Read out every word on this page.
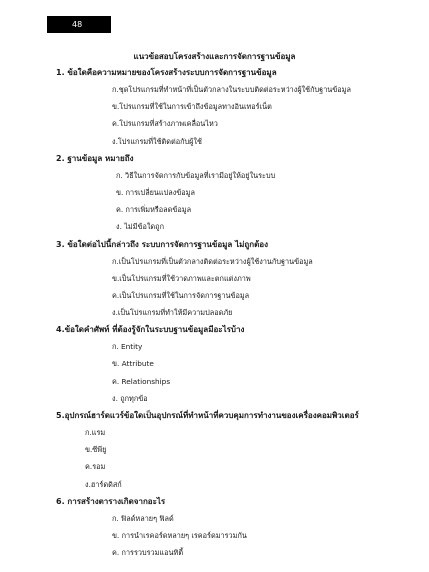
48
แนวข้อสอบโครงสร้างและการจัดการฐานข้อมูล
1. ข้อใดคือความหมายของโครงสร้างระบบการจัดการฐานข้อมูล
ก.ชุดโปรแกรมที่ทำหน้าที่เป็นตัวกลางในระบบติดต่อระหว่างผู้ใช้กับฐานข้อมูล
ข.โปรแกรมที่ใช้ในการเข้าถึงข้อมูลทางอินเทอร์เน็ต
ค.โปรแกรมที่สร้างภาพเคลื่อนไหว
ง.โปรแกรมที่ใช้ติดต่อกับผู้ใช้
2. ฐานข้อมูล หมายถึง
ก. วิธีในการจัดการกับข้อมูลที่เรามีอยู่ให้อยู่ในระบบ
ข. การเปลี่ยนแปลงข้อมูล
ค. การเพิ่มหรือลดข้อมูล
ง. ไม่มีข้อใดถูก
3. ข้อใดต่อไปนี้กล่าวถึง ระบบการจัดการฐานข้อมูล ไม่ถูกต้อง
ก.เป็นโปรแกรมที่เป็นตัวกลางติดต่อระหว่างผู้ใช้งานกับฐานข้อมูล
ข.เป็นโปรแกรมที่ใช้วาดภาพและตกแต่งภาพ
ค.เป็นโปรแกรมที่ใช้ในการจัดการฐานข้อมูล
ง.เป็นโปรแกรมที่ทำให้มีความปลอดภัย
4.ข้อใดคำศัพท์ ที่ต้องรู้จักในระบบฐานข้อมูลมีอะไรบ้าง
ก. Entity
ข. Attribute
ค. Relationships
ง. ถูกทุกข้อ
5.อุปกรณ์ฮาร์ดแวร์ข้อใดเป็นอุปกรณ์ที่ทำหน้าที่ควบคุมการทำงานของเครื่องคอมพิวเตอร์
ก.แรม
ข.ซีพียู
ค.รอม
ง.ฮาร์ดดิสก์
6. การสร้างตารางเกิดจากอะไร
ก. ฟิลด์หลายๆ ฟิลด์
ข. การนำเรคอร์ดหลายๆ เรคอร์ดมารวมกัน
ค. การรวบรวมแอนทิตี้
